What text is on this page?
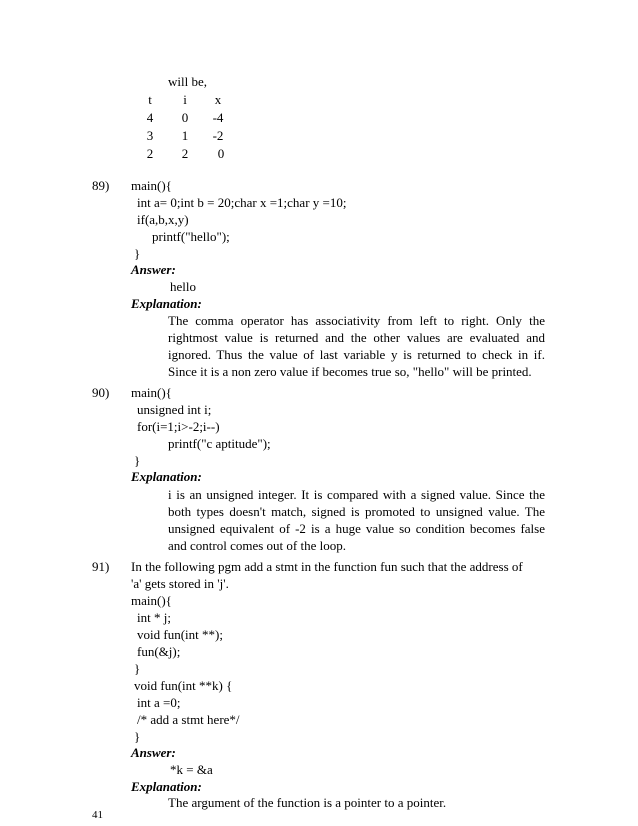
will be,
t	i	x
4	0	-4
3	1	-2
2	2	0
89) main(){
int a= 0;int b = 20;char x =1;char y =10;
if(a,b,x,y)
printf("hello");
}
Answer:
hello
Explanation:
The comma operator has associativity from left to right. Only the rightmost value is returned and the other values are evaluated and ignored. Thus the value of last variable y is returned to check in if. Since it is a non zero value if becomes true so, "hello" will be printed.
90) main(){
unsigned int i;
for(i=1;i>-2;i--)
printf("c aptitude");
}
Explanation:
i is an unsigned integer. It is compared with a signed value. Since the both types doesn't match, signed is promoted to unsigned value. The unsigned equivalent of -2 is a huge value so condition becomes false and control comes out of the loop.
91) In the following pgm add a stmt in the function fun such that the address of
'a' gets stored in 'j'.
main(){
int * j;
void fun(int **);
fun(&j);
}
void fun(int **k) {
int a =0;
/* add a stmt here*/
}
Answer:
*k = &a
Explanation:
The argument of the function is a pointer to a pointer.
41
